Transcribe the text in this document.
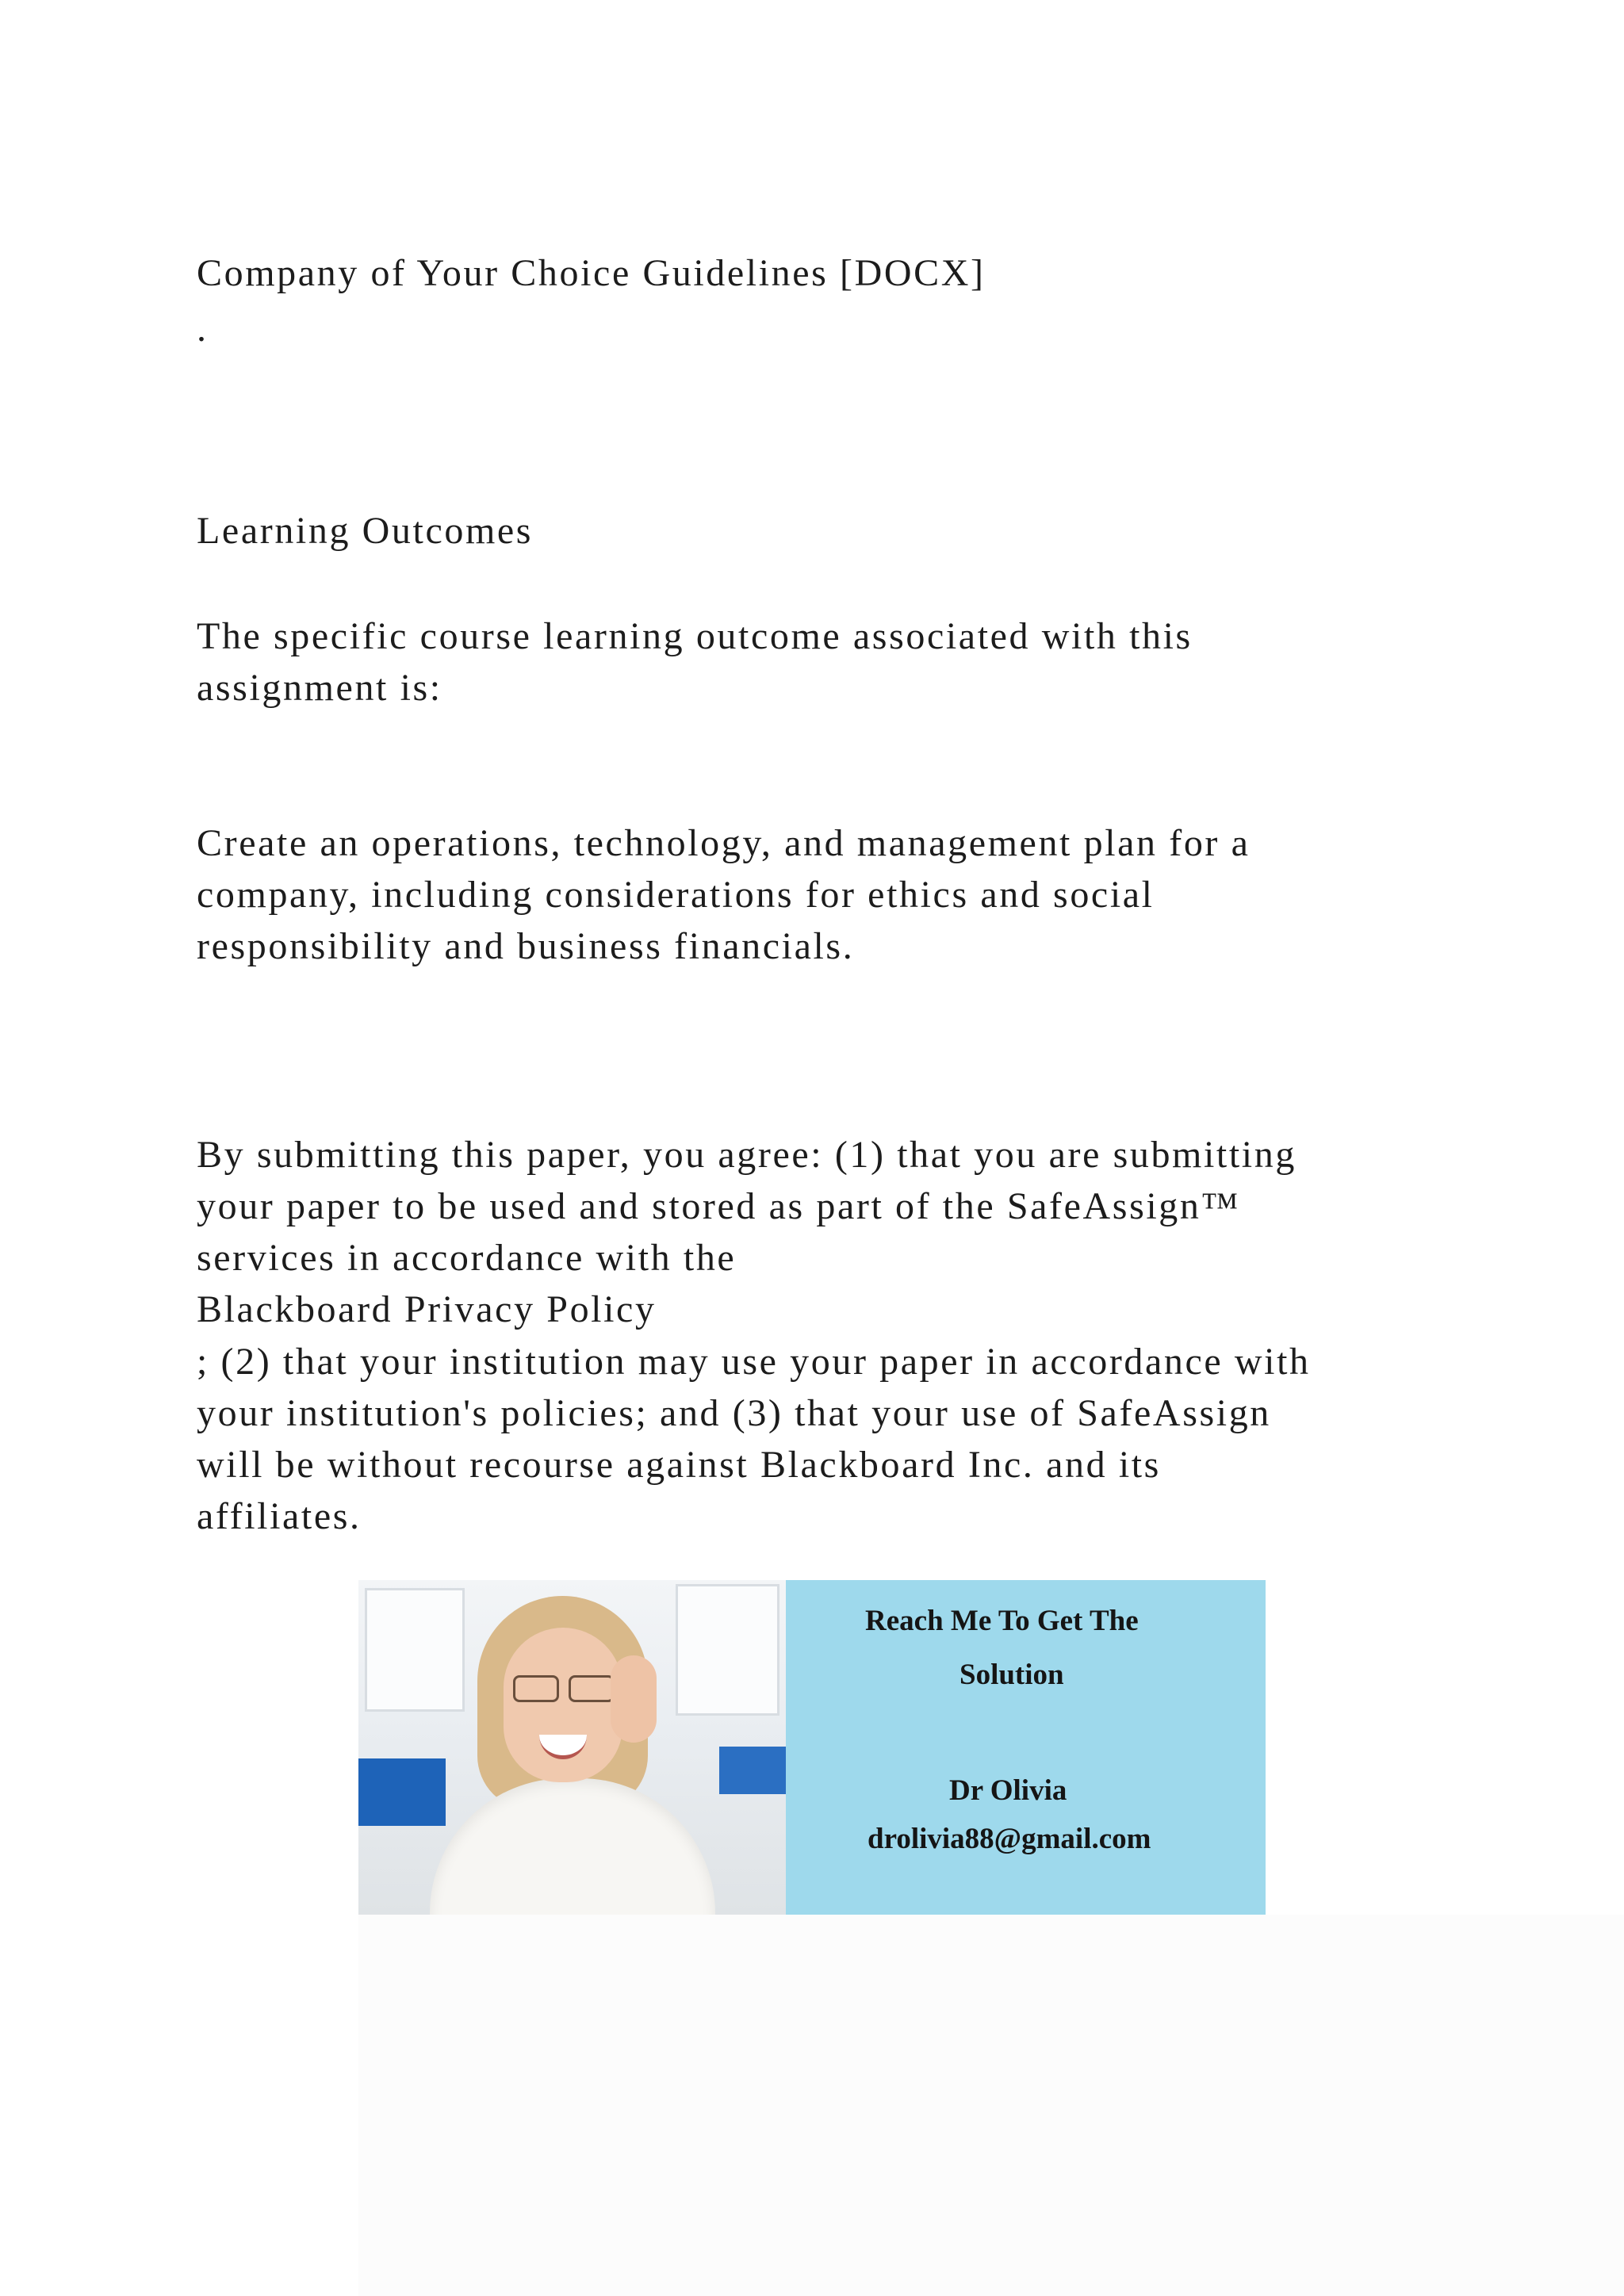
Company of Your Choice Guidelines [DOCX]

.

Learning Outcomes

The specific course learning outcome associated with this

assignment is:

Create an operations, technology, and management plan for a

company, including considerations for ethics and social

responsibility and business financials.

By submitting this paper, you agree: (1) that you are submitting

your paper to be used and stored as part of the SafeAssign™

services in accordance with the

Blackboard Privacy Policy

; (2) that your institution may use your paper in accordance with

your institution's policies; and (3) that your use of SafeAssign

will be without recourse against Blackboard Inc. and its

affiliates.

Reach Me To Get The
Solution
Dr Olivia
drolivia88@gmail.com
